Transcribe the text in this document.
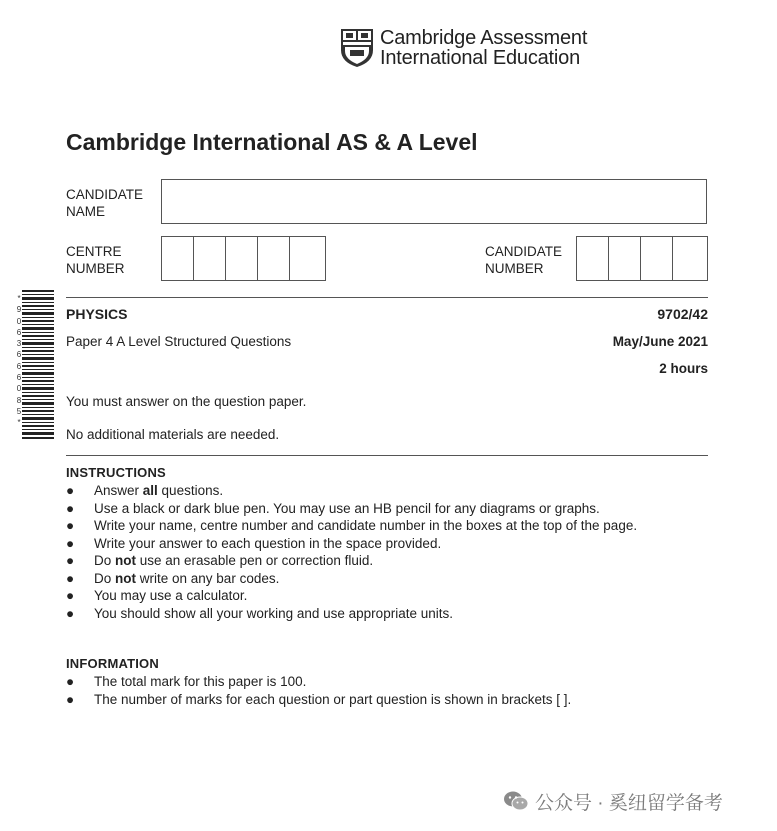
Cambridge Assessment
International Education
Cambridge International AS & A Level
CANDIDATE
NAME
CENTRE
NUMBER
CANDIDATE
NUMBER
*
9
0
6
3
6
6
6
0
8
5
*
PHYSICS	9702/42
Paper 4 A Level Structured Questions	May/June 2021
2 hours
You must answer on the question paper.
No additional materials are needed.
INSTRUCTIONS
● Answer all questions.
● Use a black or dark blue pen. You may use an HB pencil for any diagrams or graphs.
● Write your name, centre number and candidate number in the boxes at the top of the page.
● Write your answer to each question in the space provided.
● Do not use an erasable pen or correction fluid.
● Do not write on any bar codes.
● You may use a calculator.
● You should show all your working and use appropriate units.
INFORMATION
● The total mark for this paper is 100.
● The number of marks for each question or part question is shown in brackets [ ].
公众号 · 奚纽留学备考
